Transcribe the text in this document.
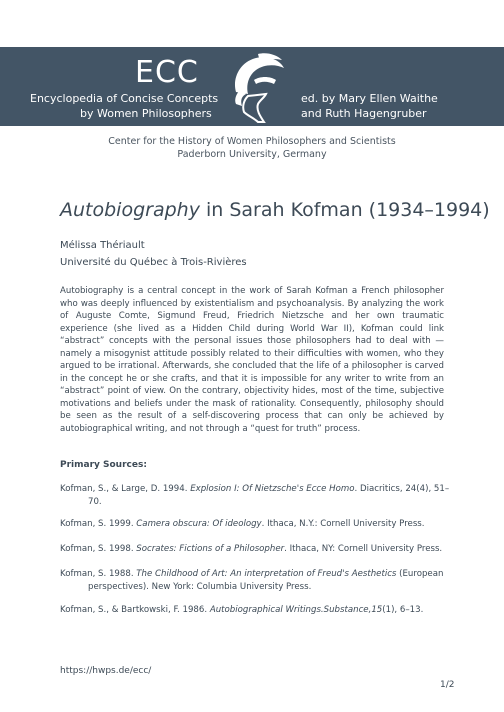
ECC
Encyclopedia of Concise Concepts
by Women Philosophers
ed. by Mary Ellen Waithe
and Ruth Hagengruber
Center for the History of Women Philosophers and Scientists
Paderborn University, Germany
Autobiography in Sarah Kofman (1934–1994)
Mélissa Thériault
Université du Québec à Trois-Rivières
Autobiography is a central concept in the work of Sarah Kofman a French philosopher who was deeply influenced by existentialism and psychoanalysis. By analyzing the work of Auguste Comte, Sigmund Freud, Friedrich Nietzsche and her own traumatic experience (she lived as a Hidden Child during World War II), Kofman could link “abstract” concepts with the personal issues those philosophers had to deal with — namely a misogynist attitude possibly related to their difficulties with women, who they argued to be irrational. Afterwards, she concluded that the life of a philosopher is carved in the concept he or she crafts, and that it is impossible for any writer to write from an “abstract” point of view. On the contrary, objectivity hides, most of the time, subjective motivations and beliefs under the mask of rationality. Consequently, philosophy should be seen as the result of a self-discovering process that can only be achieved by autobiographical writing, and not through a “quest for truth” process.
Primary Sources:
Kofman, S., & Large, D. 1994. Explosion I: Of Nietzsche's Ecce Homo. Diacritics, 24(4), 51–70.
Kofman, S. 1999. Camera obscura: Of ideology. Ithaca, N.Y.: Cornell University Press.
Kofman, S. 1998. Socrates: Fictions of a Philosopher. Ithaca, NY: Cornell University Press.
Kofman, S. 1988. The Childhood of Art: An interpretation of Freud's Aesthetics (European perspectives). New York: Columbia University Press.
Kofman, S., & Bartkowski, F. 1986. Autobiographical Writings.Substance,15(1), 6–13.
https://hwps.de/ecc/
1/2
